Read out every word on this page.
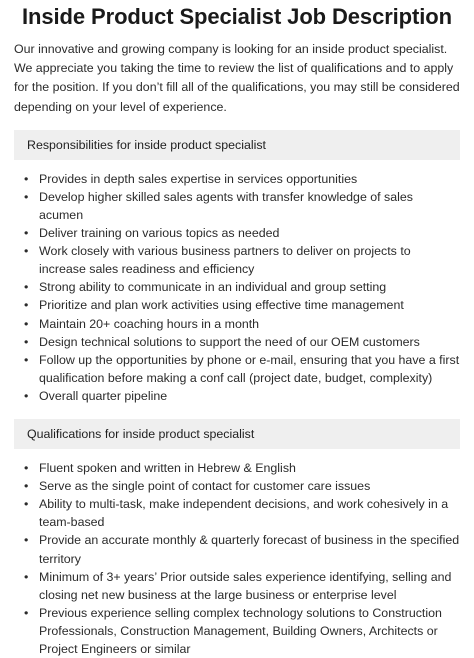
Inside Product Specialist Job Description

Our innovative and growing company is looking for an inside product specialist. We appreciate you taking the time to review the list of qualifications and to apply for the position. If you don’t fill all of the qualifications, you may still be considered depending on your level of experience.

Responsibilities for inside product specialist
• Provides in depth sales expertise in services opportunities
• Develop higher skilled sales agents with transfer knowledge of sales acumen
• Deliver training on various topics as needed
• Work closely with various business partners to deliver on projects to increase sales readiness and efficiency
• Strong ability to communicate in an individual and group setting
• Prioritize and plan work activities using effective time management
• Maintain 20+ coaching hours in a month
• Design technical solutions to support the need of our OEM customers
• Follow up the opportunities by phone or e-mail, ensuring that you have a first qualification before making a conf call (project date, budget, complexity)
• Overall quarter pipeline
Qualifications for inside product specialist
• Fluent spoken and written in Hebrew & English
• Serve as the single point of contact for customer care issues
• Ability to multi-task, make independent decisions, and work cohesively in a team-based
• Provide an accurate monthly & quarterly forecast of business in the specified territory
• Minimum of 3+ years’ Prior outside sales experience identifying, selling and closing net new business at the large business or enterprise level
• Previous experience selling complex technology solutions to Construction Professionals, Construction Management, Building Owners, Architects or Project Engineers or similar
